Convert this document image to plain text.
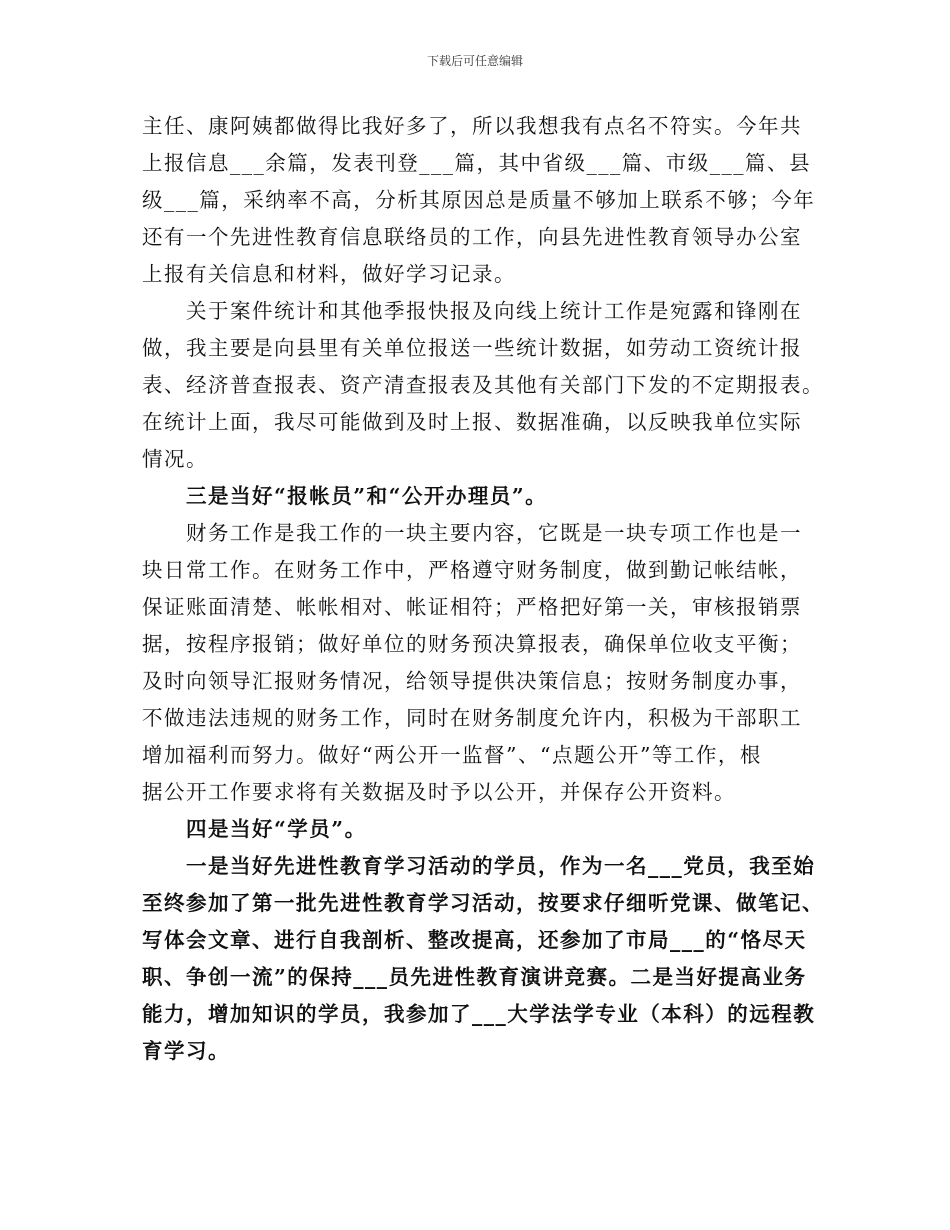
下载后可任意编辑
主任、康阿姨都做得比我好多了，所以我想我有点名不符实。今年共
上报信息___余篇，发表刊登___篇，其中省级___篇、市级___篇、县
级___篇，采纳率不高，分析其原因总是质量不够加上联系不够；今年
还有一个先进性教育信息联络员的工作，向县先进性教育领导办公室
上报有关信息和材料，做好学习记录。
关于案件统计和其他季报快报及向线上统计工作是宛露和锋刚在
做，我主要是向县里有关单位报送一些统计数据，如劳动工资统计报
表、经济普查报表、资产清查报表及其他有关部门下发的不定期报表。
在统计上面，我尽可能做到及时上报、数据准确，以反映我单位实际
情况。
三是当好“报帐员”和“公开办理员”。
财务工作是我工作的一块主要内容，它既是一块专项工作也是一
块日常工作。在财务工作中，严格遵守财务制度，做到勤记帐结帐，
保证账面清楚、帐帐相对、帐证相符；严格把好第一关，审核报销票
据，按程序报销；做好单位的财务预决算报表，确保单位收支平衡；
及时向领导汇报财务情况，给领导提供决策信息；按财务制度办事，
不做违法违规的财务工作，同时在财务制度允许内，积极为干部职工
增加福利而努力。做好“两公开一监督”、“点题公开”等工作，根
据公开工作要求将有关数据及时予以公开，并保存公开资料。
四是当好“学员”。
一是当好先进性教育学习活动的学员，作为一名___党员，我至始
至终参加了第一批先进性教育学习活动，按要求仔细听党课、做笔记、
写体会文章、进行自我剖析、整改提高，还参加了市局___的“恪尽天
职、争创一流”的保持___员先进性教育演讲竞赛。二是当好提高业务
能力，增加知识的学员，我参加了___大学法学专业（本科）的远程教
育学习。
